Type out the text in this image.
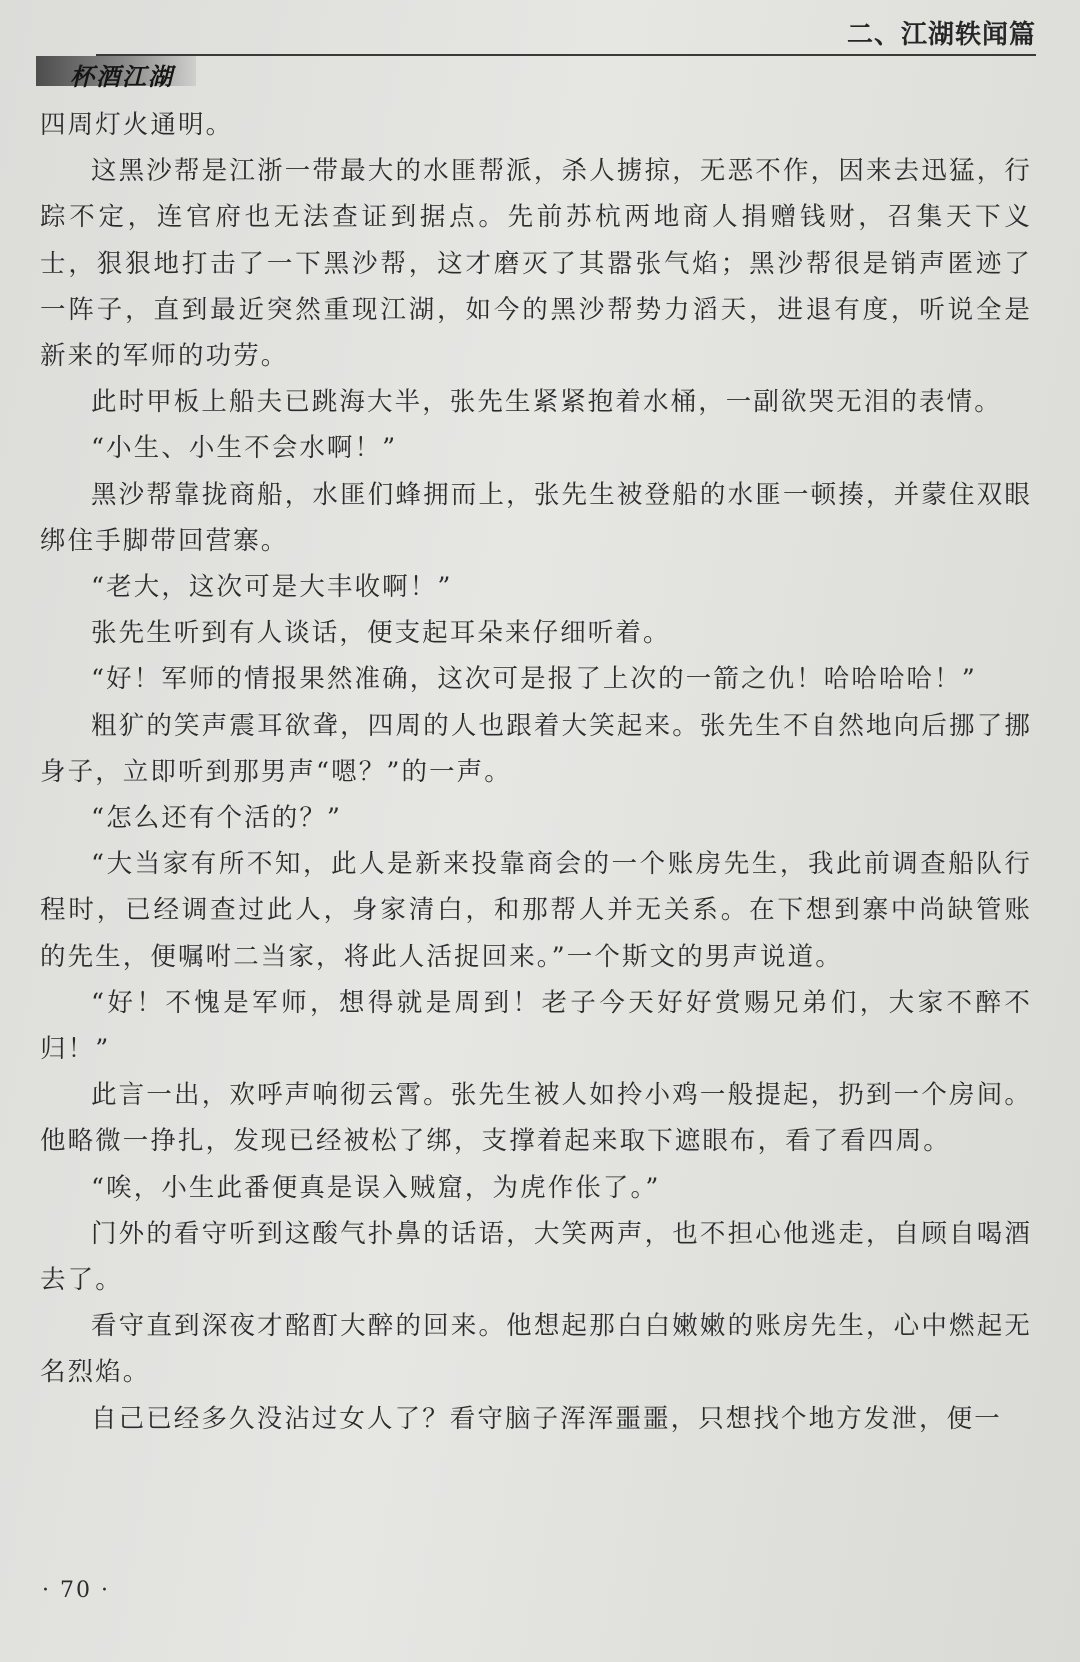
二、江湖轶闻篇
杯酒江湖

四周灯火通明。

这黑沙帮是江浙一带最大的水匪帮派，杀人掳掠，无恶不作，因来去迅猛，行踪不定，连官府也无法查证到据点。先前苏杭两地商人捐赠钱财，召集天下义士，狠狠地打击了一下黑沙帮，这才磨灭了其嚣张气焰；黑沙帮很是销声匿迹了一阵子，直到最近突然重现江湖，如今的黑沙帮势力滔天，进退有度，听说全是新来的军师的功劳。

此时甲板上船夫已跳海大半，张先生紧紧抱着水桶，一副欲哭无泪的表情。

“小生、小生不会水啊！”

黑沙帮靠拢商船，水匪们蜂拥而上，张先生被登船的水匪一顿揍，并蒙住双眼绑住手脚带回营寨。

“老大，这次可是大丰收啊！”

张先生听到有人谈话，便支起耳朵来仔细听着。

“好！军师的情报果然准确，这次可是报了上次的一箭之仇！哈哈哈哈！”

粗犷的笑声震耳欲聋，四周的人也跟着大笑起来。张先生不自然地向后挪了挪身子，立即听到那男声“嗯？”的一声。

“怎么还有个活的？”

“大当家有所不知，此人是新来投靠商会的一个账房先生，我此前调查船队行程时，已经调查过此人，身家清白，和那帮人并无关系。在下想到寨中尚缺管账的先生，便嘱咐二当家，将此人活捉回来。”一个斯文的男声说道。

“好！不愧是军师，想得就是周到！老子今天好好赏赐兄弟们，大家不醉不归！”

此言一出，欢呼声响彻云霄。张先生被人如拎小鸡一般提起，扔到一个房间。他略微一挣扎，发现已经被松了绑，支撑着起来取下遮眼布，看了看四周。

“唉，小生此番便真是误入贼窟，为虎作伥了。”

门外的看守听到这酸气扑鼻的话语，大笑两声，也不担心他逃走，自顾自喝酒去了。

看守直到深夜才酩酊大醉的回来。他想起那白白嫩嫩的账房先生，心中燃起无名烈焰。

自己已经多久没沾过女人了？看守脑子浑浑噩噩，只想找个地方发泄，便一

· 70 ·
